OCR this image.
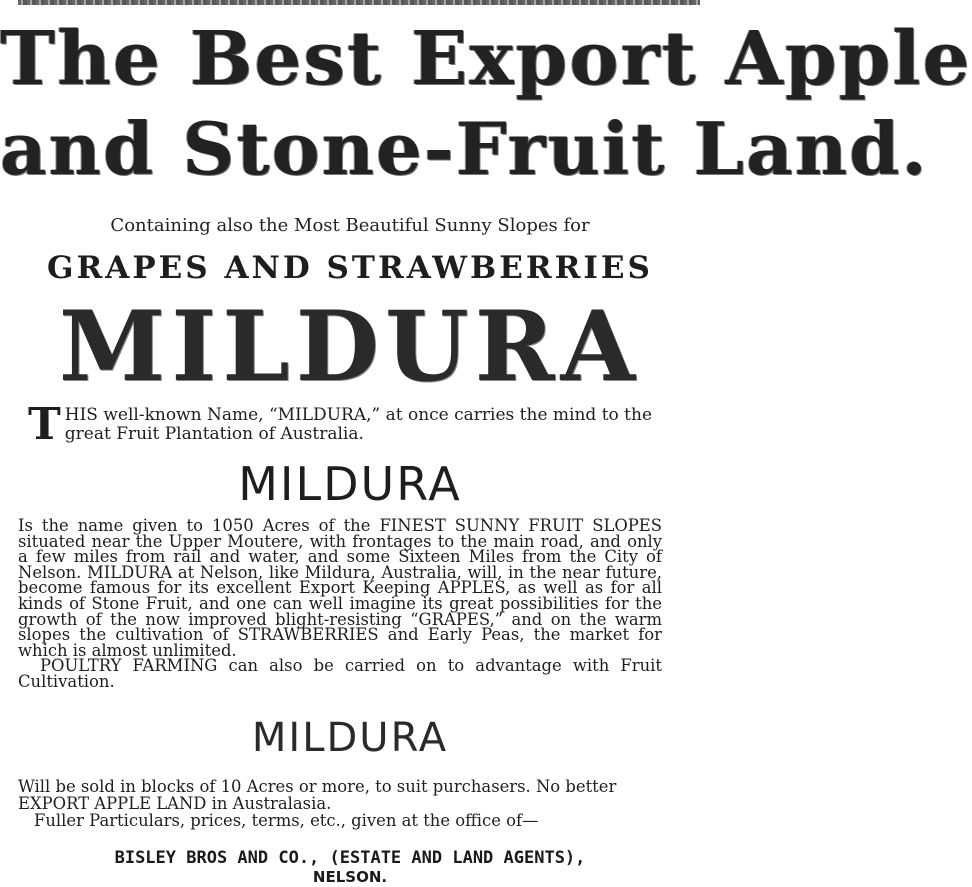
The Best Export Apple
and Stone-Fruit Land.
Containing also the Most Beautiful Sunny Slopes for
GRAPES AND STRAWBERRIES
MILDURA
T HIS well-known Name, “MILDURA,” at once carries the mind to the great Fruit Plantation of Australia.
MILDURA

Is the name given to 1050 Acres of the FINEST SUNNY FRUIT SLOPES situated near the Upper Moutere, with frontages to the main road, and only a few miles from rail and water, and some Sixteen Miles from the City of Nelson. MILDURA at Nelson, like Mildura, Australia, will, in the near future, become famous for its excellent Export Keeping APPLES, as well as for all kinds of Stone Fruit, and one can well imagine its great possibilities for the growth of the now improved blight-resisting “GRAPES,” and on the warm slopes the cultivation of STRAWBERRIES and Early Peas, the market for which is almost unlimited.

POULTRY FARMING can also be carried on to advantage with Fruit Cultivation.

MILDURA

Will be sold in blocks of 10 Acres or more, to suit purchasers. No better EXPORT APPLE LAND in Australasia.

Fuller Particulars, prices, terms, etc., given at the office of—

BISLEY BROS AND CO., (ESTATE AND LAND AGENTS),
NELSON.
